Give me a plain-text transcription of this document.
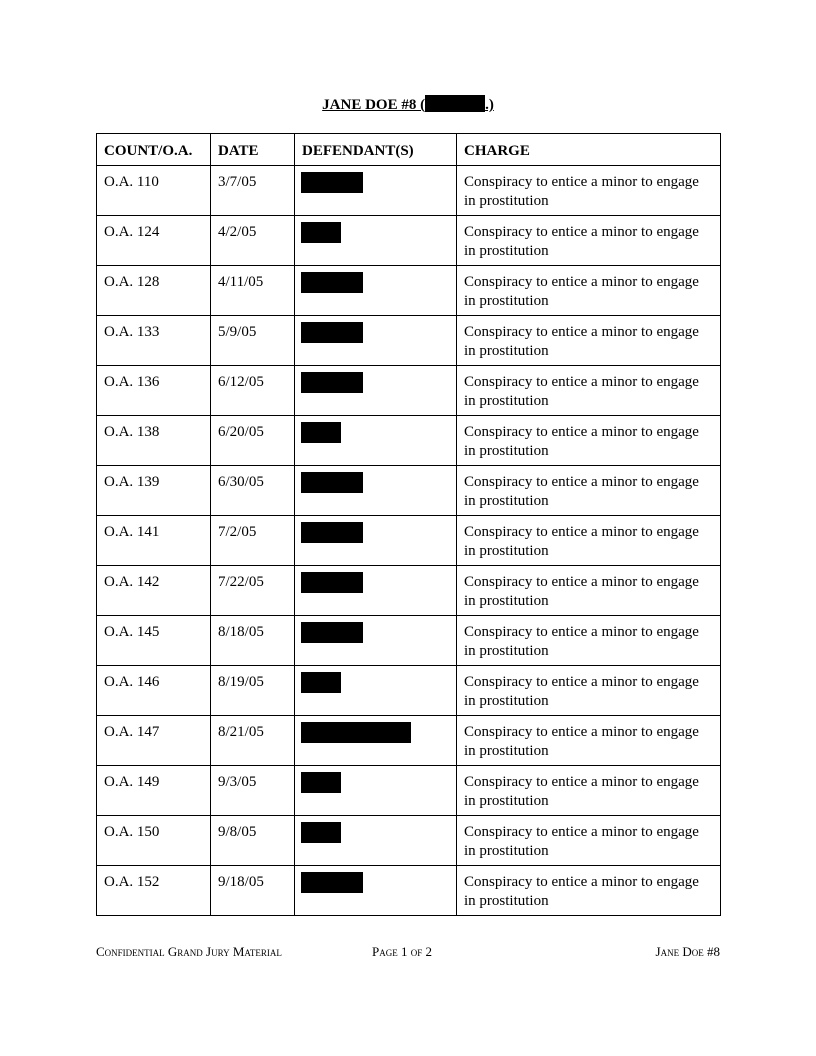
JANE DOE #8 (	.)
COUNT/O.A.	DATE	DEFENDANT(S)	CHARGE
O.A. 110	3/7/05		Conspiracy to entice a minor to engage in prostitution
O.A. 124	4/2/05		Conspiracy to entice a minor to engage in prostitution
O.A. 128	4/11/05		Conspiracy to entice a minor to engage in prostitution
O.A. 133	5/9/05		Conspiracy to entice a minor to engage in prostitution
O.A. 136	6/12/05		Conspiracy to entice a minor to engage in prostitution
O.A. 138	6/20/05		Conspiracy to entice a minor to engage in prostitution
O.A. 139	6/30/05		Conspiracy to entice a minor to engage in prostitution
O.A. 141	7/2/05		Conspiracy to entice a minor to engage in prostitution
O.A. 142	7/22/05		Conspiracy to entice a minor to engage in prostitution
O.A. 145	8/18/05		Conspiracy to entice a minor to engage in prostitution
O.A. 146	8/19/05		Conspiracy to entice a minor to engage in prostitution
O.A. 147	8/21/05		Conspiracy to entice a minor to engage in prostitution
O.A. 149	9/3/05		Conspiracy to entice a minor to engage in prostitution
O.A. 150	9/8/05		Conspiracy to entice a minor to engage in prostitution
O.A. 152	9/18/05		Conspiracy to entice a minor to engage in prostitution
Confidential Grand Jury Material	Page 1 of 2	Jane Doe #8
